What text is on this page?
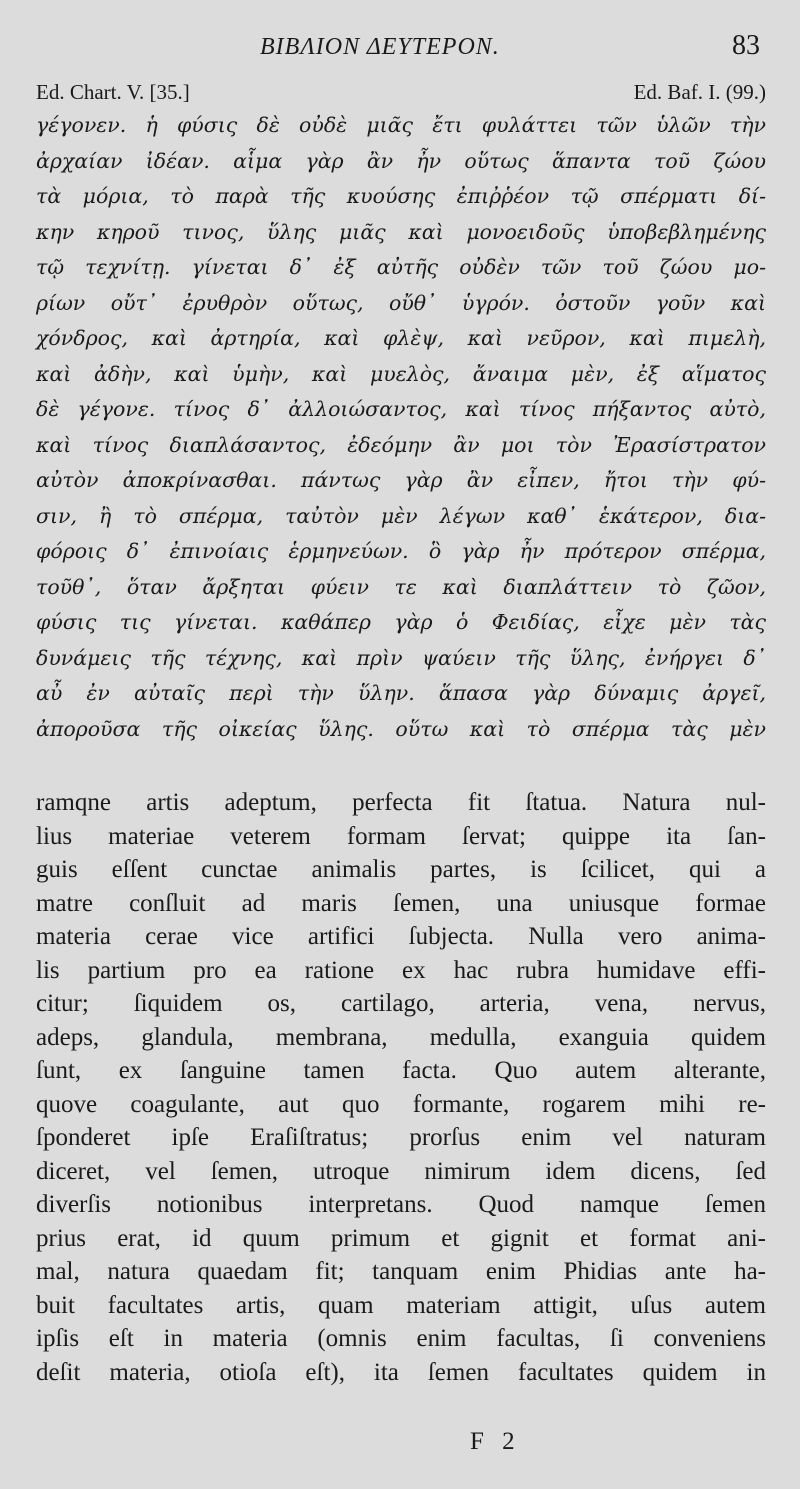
ΒΙΒΛΙΟΝ ΔΕΥΤΕΡΟΝ.	83
Ed. Chart. V. [35.]	Ed. Baf. I. (99.)
γέγονεν. ἡ φύσις δὲ οὐδὲ μιᾶς ἔτι φυλάττει τῶν ὑλῶν τὴν
ἀρχαίαν ἰδέαν. αἷμα γὰρ ἂν ἦν οὕτως ἅπαντα τοῦ ζώου
τὰ μόρια, τὸ παρὰ τῆς κυούσης ἐπιῤῥέον τῷ σπέρματι δί-
κην κηροῦ τινος, ὕλης μιᾶς καὶ μονοειδοῦς ὑποβεβλημένης
τῷ τεχνίτῃ. γίνεται δ᾽ ἐξ αὐτῆς οὐδὲν τῶν τοῦ ζώου μο-
ρίων οὔτ᾽ ἐρυθρὸν οὕτως, οὔθ᾽ ὑγρόν. ὀστοῦν γοῦν καὶ
χόνδρος, καὶ ἀρτηρία, καὶ φλὲψ, καὶ νεῦρον, καὶ πιμελὴ,
καὶ ἀδὴν, καὶ ὑμὴν, καὶ μυελὸς, ἄναιμα μὲν, ἐξ αἵματος
δὲ γέγονε. τίνος δ᾽ ἀλλοιώσαντος, καὶ τίνος πήξαντος αὐτὸ,
καὶ τίνος διαπλάσαντος, ἐδεόμην ἂν μοι τὸν Ἐρασίστρατον
αὐτὸν ἀποκρίνασθαι. πάντως γὰρ ἂν εἶπεν, ἤτοι τὴν φύ-
σιν, ἢ τὸ σπέρμα, ταὐτὸν μὲν λέγων καθ᾽ ἑκάτερον, δια-
φόροις δ᾽ ἐπινοίαις ἑρμηνεύων. ὃ γὰρ ἦν πρότερον σπέρμα,
τοῦθ᾽, ὅταν ἄρξηται φύειν τε καὶ διαπλάττειν τὸ ζῶον,
φύσις τις γίνεται. καθάπερ γὰρ ὁ Φειδίας, εἶχε μὲν τὰς
δυνάμεις τῆς τέχνης, καὶ πρὶν ψαύειν τῆς ὕλης, ἐνήργει δ᾽
αὖ ἐν αὐταῖς περὶ τὴν ὕλην. ἅπασα γὰρ δύναμις ἀργεῖ,
ἀποροῦσα τῆς οἰκείας ὕλης. οὕτω καὶ τὸ σπέρμα τὰς μὲν
ramqne artis adeptum, perfecta fit ſtatua. Natura nul-
lius materiae veterem formam ſervat; quippe ita ſan-
guis eſſent cunctae animalis partes, is ſcilicet, qui a
matre conſluit ad maris ſemen, una uniusque formae
materia cerae vice artifici ſubjecta. Nulla vero anima-
lis partium pro ea ratione ex hac rubra humidave effi-
citur; ſiquidem os, cartilago, arteria, vena, nervus,
adeps, glandula, membrana, medulla, exanguia quidem
ſunt, ex ſanguine tamen facta. Quo autem alterante,
quove coagulante, aut quo formante, rogarem mihi re-
ſponderet ipſe Eraſiſtratus; prorſus enim vel naturam
diceret, vel ſemen, utroque nimirum idem dicens, ſed
diverſis notionibus interpretans. Quod namque ſemen
prius erat, id quum primum et gignit et format ani-
mal, natura quaedam fit; tanquam enim Phidias ante ha-
buit facultates artis, quam materiam attigit, uſus autem
ipſis eſt in materia (omnis enim facultas, ſi conveniens
deſit materia, otioſa eſt), ita ſemen facultates quidem in
F 2
